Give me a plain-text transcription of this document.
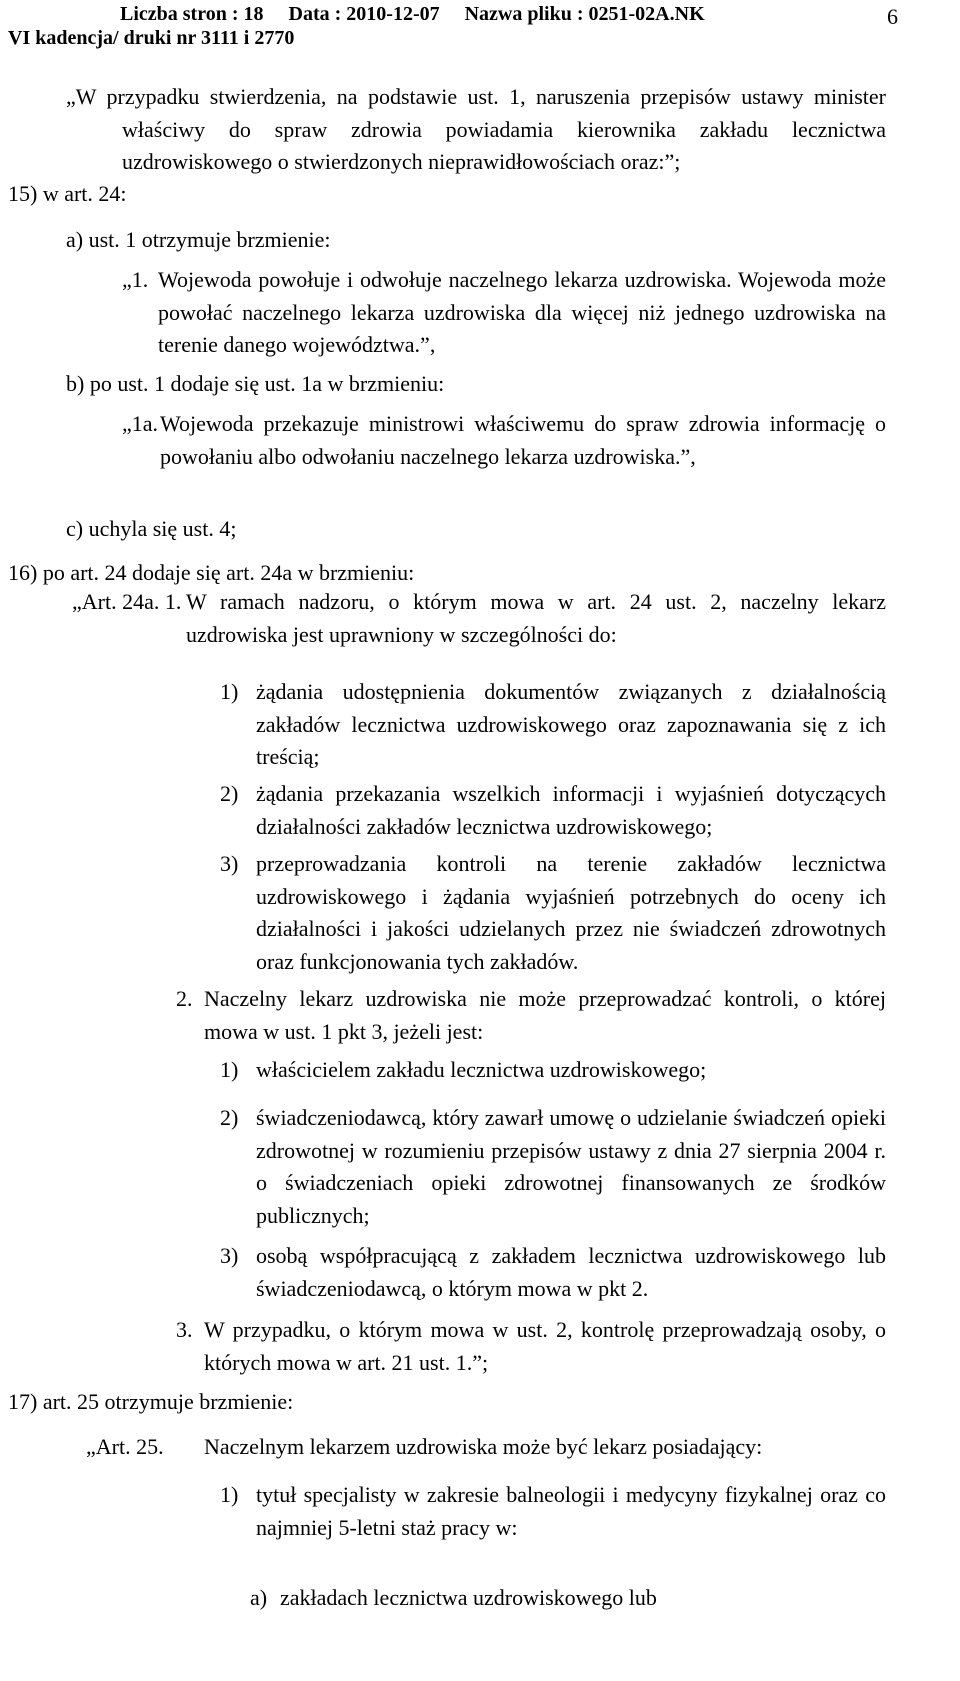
Liczba stron : 18 Data : 2010-12-07 Nazwa pliku : 0251-02A.NK
VI kadencja/ druki nr 3111 i 2770
6
„W przypadku stwierdzenia, na podstawie ust. 1, naruszenia przepisów ustawy minister właściwy do spraw zdrowia powiadamia kierownika zakładu lecznictwa uzdrowiskowego o stwierdzonych nieprawidłowościach oraz:”;
15) w art. 24:
a) ust. 1 otrzymuje brzmienie:
„1. Wojewoda powołuje i odwołuje naczelnego lekarza uzdrowiska. Wojewoda może powołać naczelnego lekarza uzdrowiska dla więcej niż jednego uzdrowiska na terenie danego województwa.”,
b) po ust. 1 dodaje się ust. 1a w brzmieniu:
„1a. Wojewoda przekazuje ministrowi właściwemu do spraw zdrowia informację o powołaniu albo odwołaniu naczelnego lekarza uzdrowiska.”,
c) uchyla się ust. 4;
16) po art. 24 dodaje się art. 24a w brzmieniu:
„Art. 24a. 1. W ramach nadzoru, o którym mowa w art. 24 ust. 2, naczelny lekarz uzdrowiska jest uprawniony w szczególności do:
1) żądania udostępnienia dokumentów związanych z działalnością zakładów lecznictwa uzdrowiskowego oraz zapoznawania się z ich treścią;
2) żądania przekazania wszelkich informacji i wyjaśnień dotyczących działalności zakładów lecznictwa uzdrowiskowego;
3) przeprowadzania kontroli na terenie zakładów lecznictwa uzdrowiskowego i żądania wyjaśnień potrzebnych do oceny ich działalności i jakości udzielanych przez nie świadczeń zdrowotnych oraz funkcjonowania tych zakładów.
2. Naczelny lekarz uzdrowiska nie może przeprowadzać kontroli, o której mowa w ust. 1 pkt 3, jeżeli jest:
1) właścicielem zakładu lecznictwa uzdrowiskowego;
2) świadczeniodawcą, który zawarł umowę o udzielanie świadczeń opieki zdrowotnej w rozumieniu przepisów ustawy z dnia 27 sierpnia 2004 r. o świadczeniach opieki zdrowotnej finansowanych ze środków publicznych;
3) osobą współpracującą z zakładem lecznictwa uzdrowiskowego lub świadczeniodawcą, o którym mowa w pkt 2.
3. W przypadku, o którym mowa w ust. 2, kontrolę przeprowadzają osoby, o których mowa w art. 21 ust. 1.”;
17) art. 25 otrzymuje brzmienie:
„Art. 25. Naczelnym lekarzem uzdrowiska może być lekarz posiadający:
1) tytuł specjalisty w zakresie balneologii i medycyny fizykalnej oraz co najmniej 5-letni staż pracy w:
a) zakładach lecznictwa uzdrowiskowego lub
